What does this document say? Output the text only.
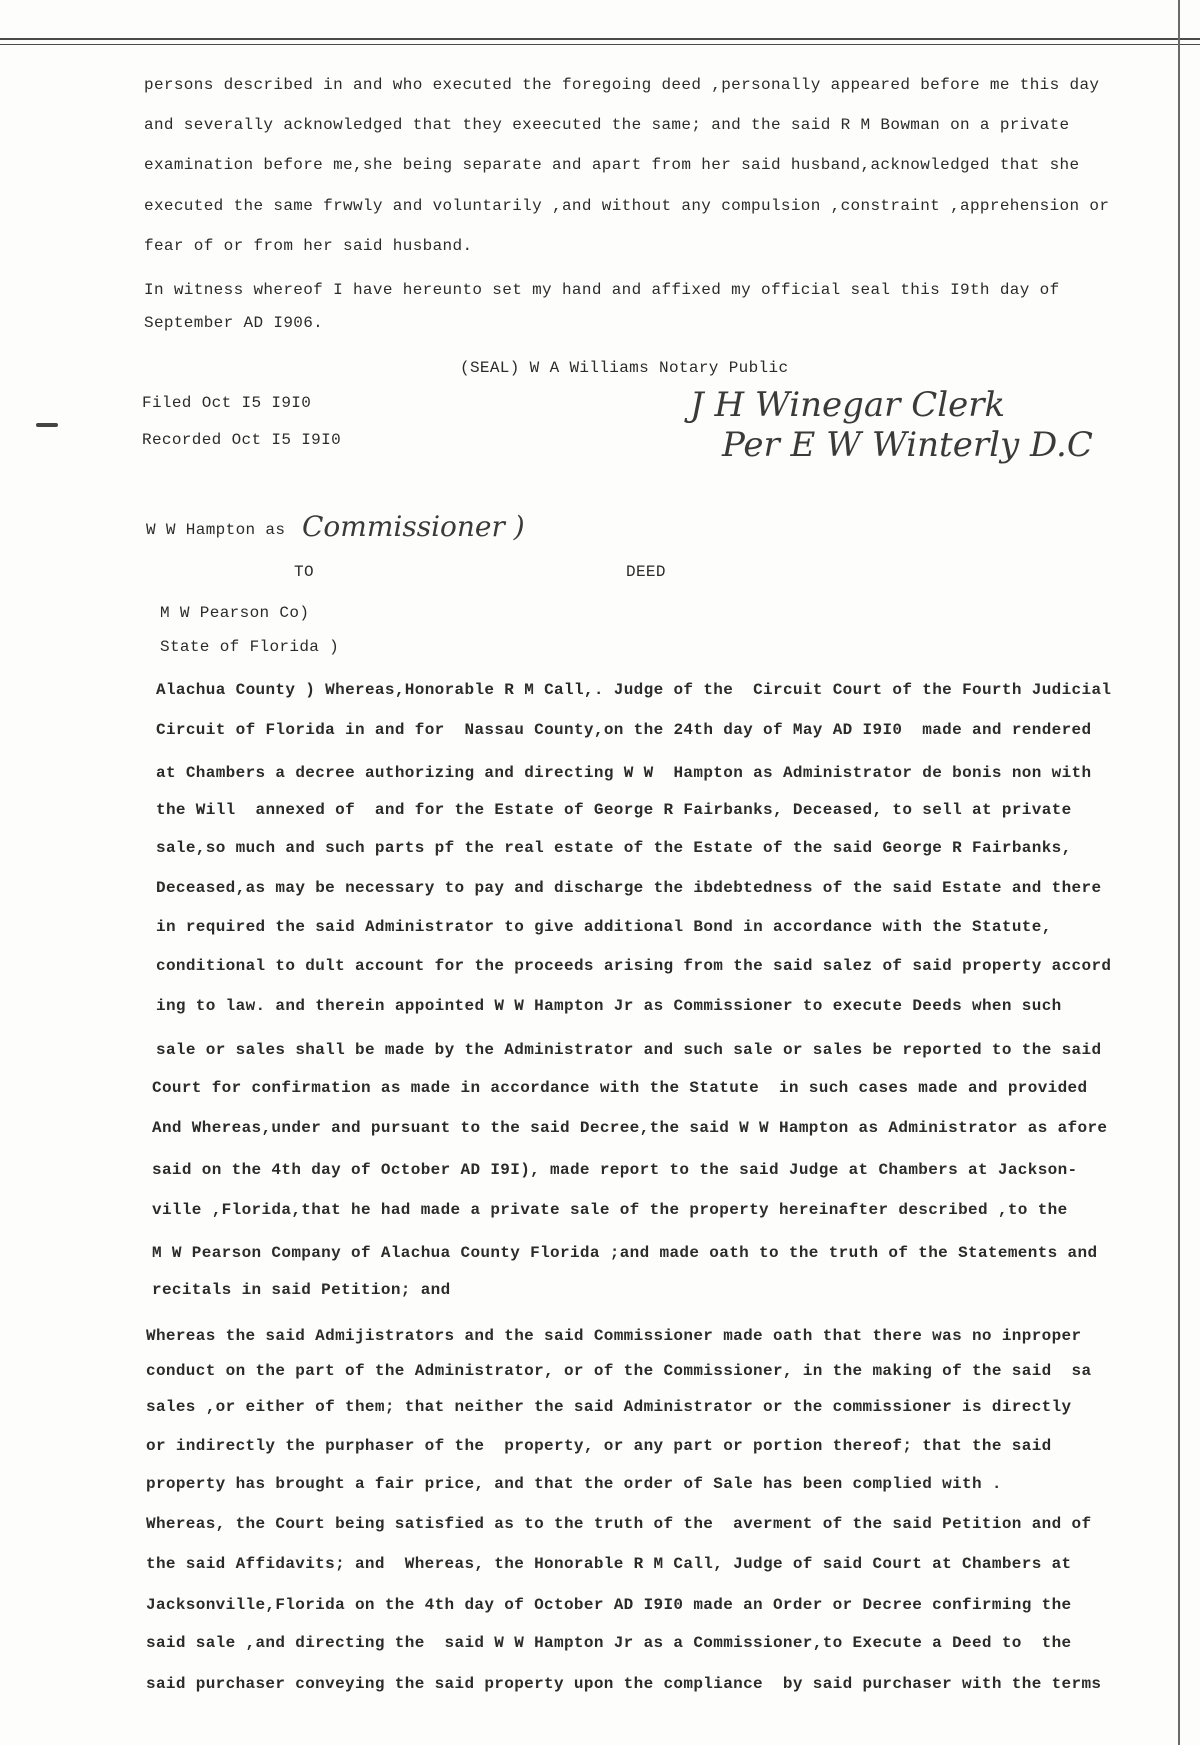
persons described in and who executed the foregoing deed ,personally appeared before me this day
and severally acknowledged that they exeecuted the same; and the said R M Bowman on a private
examination before me,she being separate and apart from her said husband,acknowledged that she
executed the same frwwly and voluntarily ,and without any compulsion ,constraint ,apprehension or
fear of or from her said husband.
In witness whereof I have hereunto set my hand and affixed my official seal this I9th day of
September AD I906.
(SEAL) W A Williams Notary Public
Filed Oct I5 I9I0
Recorded Oct I5 I9I0
J H Winegar Clerk
Per E W Winterly D.C
W W Hampton as Commissioner )
TO	DEED
M W Pearson Co)
State of Florida )
Alachua County ) Whereas,Honorable R M Call,. Judge of the  Circuit Court of the Fourth Judicial
Circuit of Florida in and for  Nassau County,on the 24th day of May AD I9I0  made and rendered
at Chambers a decree authorizing and directing W W  Hampton as Administrator de bonis non with
the Will  annexed of  and for the Estate of George R Fairbanks, Deceased, to sell at private
sale,so much and such parts pf the real estate of the Estate of the said George R Fairbanks,
Deceased,as may be necessary to pay and discharge the ibdebtedness of the said Estate and there
in required the said Administrator to give additional Bond in accordance with the Statute,
conditional to dult account for the proceeds arising from the said salez of said property accord
ing to law. and therein appointed W W Hampton Jr as Commissioner to execute Deeds when such
sale or sales shall be made by the Administrator and such sale or sales be reported to the said
Court for confirmation as made in accordance with the Statute  in such cases made and provided
And Whereas,under and pursuant to the said Decree,the said W W Hampton as Administrator as afore
said on the 4th day of October AD I9I), made report to the said Judge at Chambers at Jackson-
ville ,Florida,that he had made a private sale of the property hereinafter described ,to the
M W Pearson Company of Alachua County Florida ;and made oath to the truth of the Statements and
recitals in said Petition; and
Whereas the said Admijistrators and the said Commissioner made oath that there was no inproper
conduct on the part of the Administrator, or of the Commissioner, in the making of the said  sa
sales ,or either of them; that neither the said Administrator or the commissioner is directly
or indirectly the purphaser of the  property, or any part or portion thereof; that the said
property has brought a fair price, and that the order of Sale has been complied with .
Whereas, the Court being satisfied as to the truth of the  averment of the said Petition and of
the said Affidavits; and  Whereas, the Honorable R M Call, Judge of said Court at Chambers at
Jacksonville,Florida on the 4th day of October AD I9I0 made an Order or Decree confirming the
said sale ,and directing the  said W W Hampton Jr as a Commissioner,to Execute a Deed to  the
said purchaser conveying the said property upon the compliance  by said purchaser with the terms
